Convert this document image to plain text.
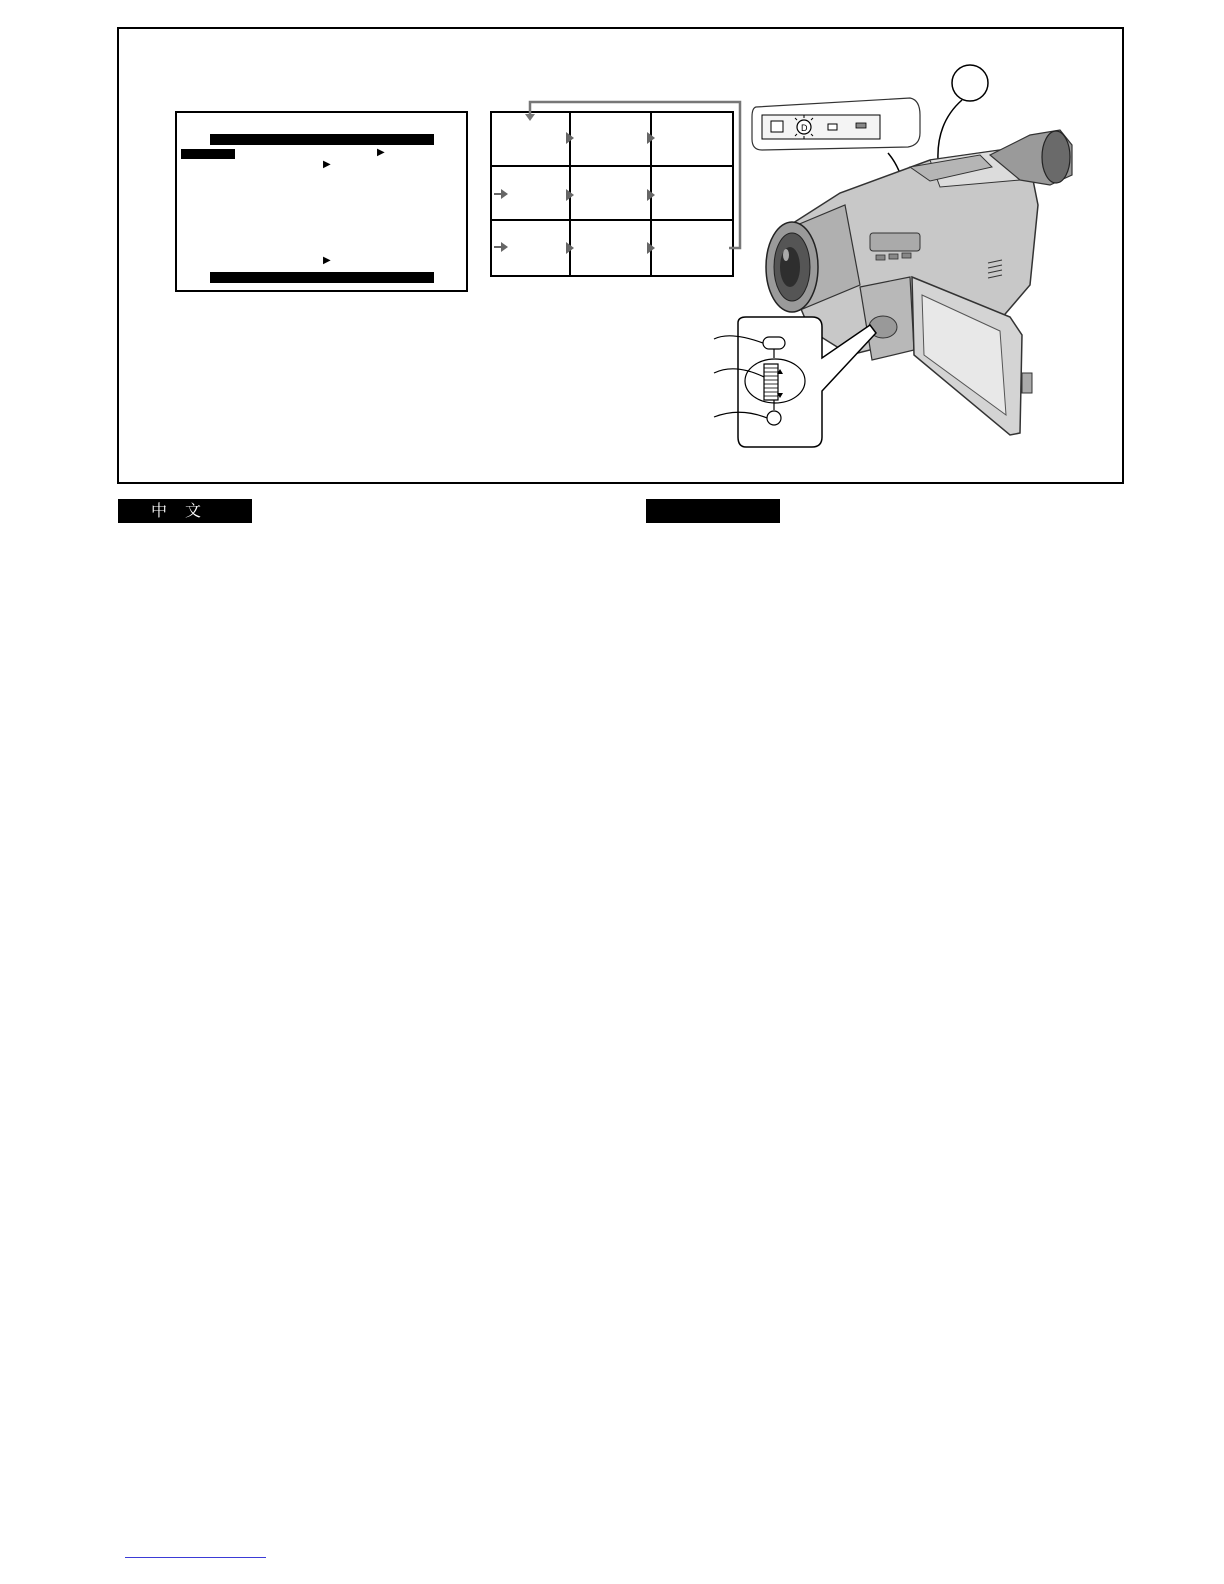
▶
▶
▶
D
中文
